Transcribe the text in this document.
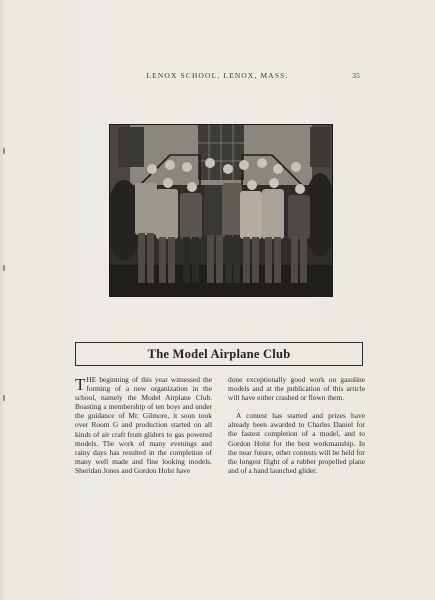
LENOX SCHOOL, LENOX, MASS.	35
The Model Airplane Club

THE beginning of this year witnessed the forming of a new organization in the school, namely the Model Airplane Club. Boasting a membership of ten boys and under the guidance of Mr. Gilmore, it soon took over Room G and production started on all kinds of air craft from gliders to gas powered models. The work of many evenings and rainy days has resulted in the completion of many well made and fine looking models. Sheridan Jones and Gordon Holst have

done exceptionally good work on gasoline models and at the publication of this article will have either crashed or flown them.

A contest has started and prizes have already been awarded to Charles Daniel for the fastest completion of a model, and to Gordon Holst for the best workmanship. In the near future, other contests will be held for the longest flight of a rubber propelled plane and of a hand launched glider.
